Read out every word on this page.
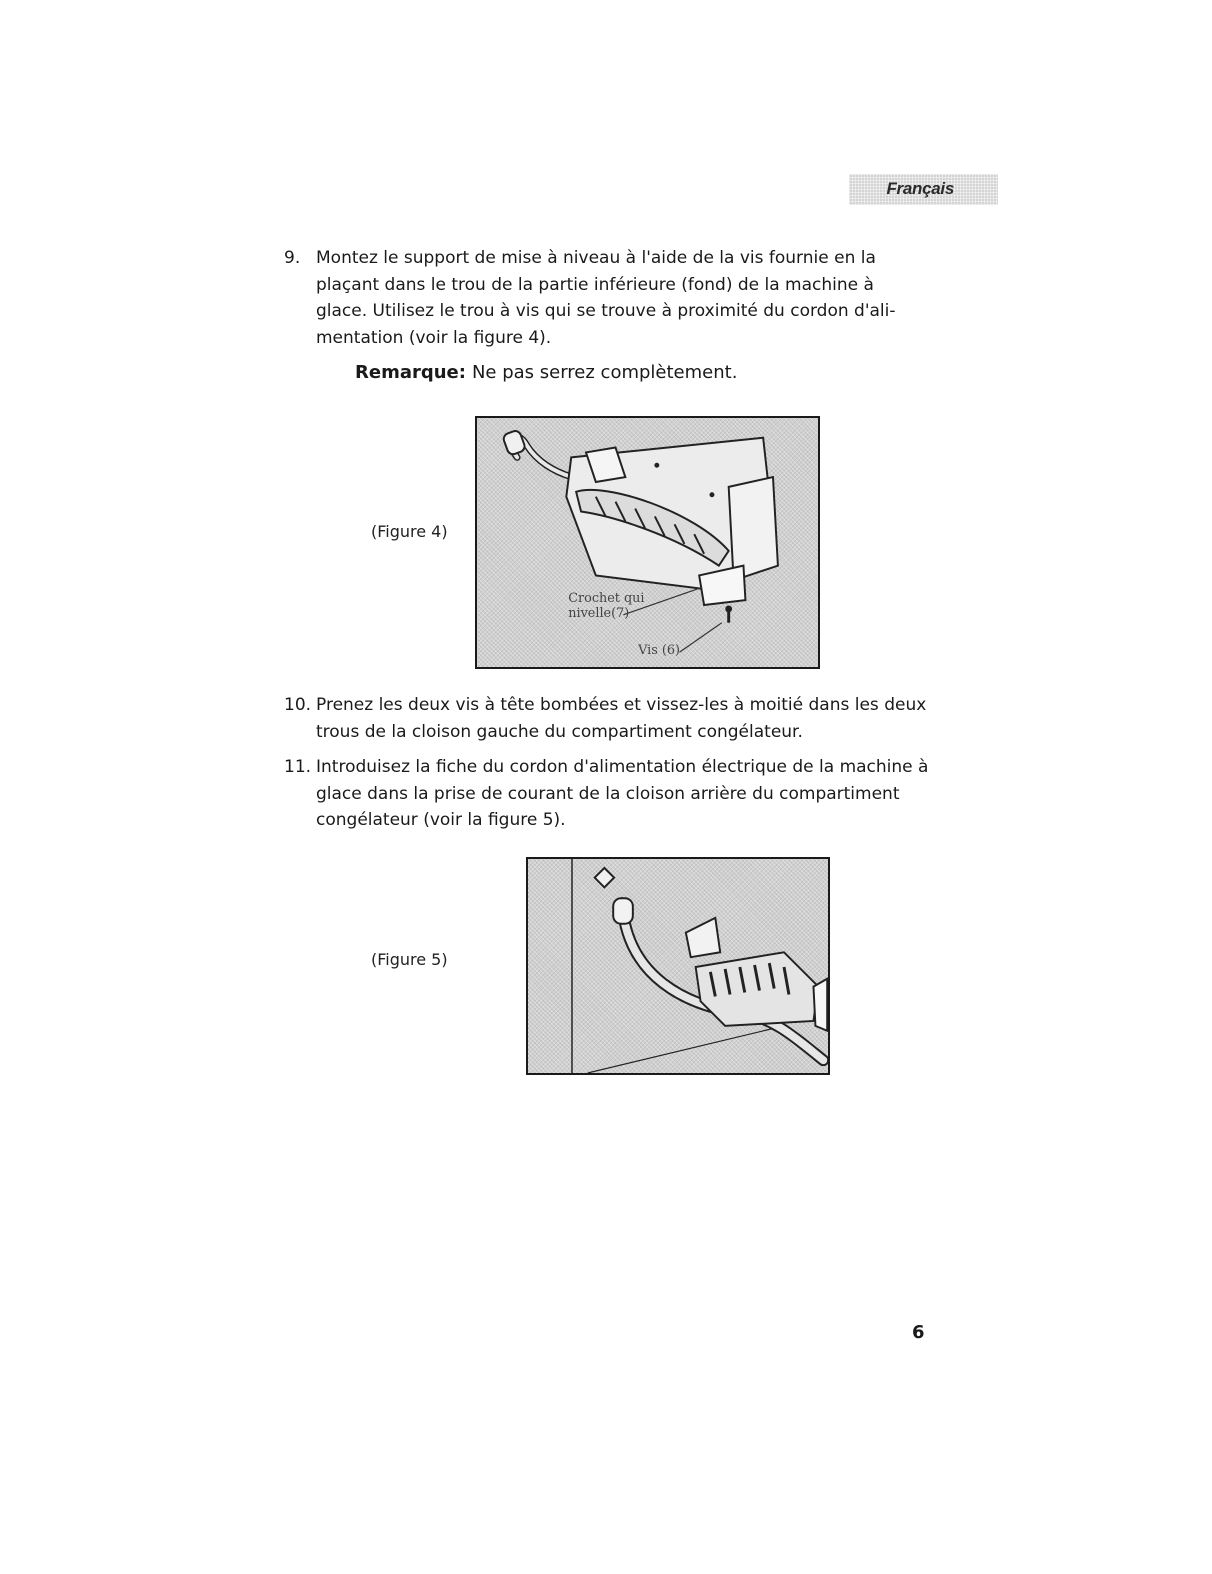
Français
9. Montez le support de mise à niveau à l'aide de la vis fournie en la
plaçant dans le trou de la partie inférieure (fond) de la machine à
glace. Utilisez le trou à vis qui se trouve à proximité du cordon d'ali-
mentation (voir la figure 4).
Remarque: Ne pas serrez complètement.
(Figure 4)
Crochet qui
nivelle(7)
Vis (6)
10. Prenez les deux vis à tête bombées et vissez-les à moitié dans les deux
trous de la cloison gauche du compartiment congélateur.
11. Introduisez la fiche du cordon d'alimentation électrique de la machine à
glace dans la prise de courant de la cloison arrière du compartiment
congélateur (voir la figure 5).
(Figure 5)
6
